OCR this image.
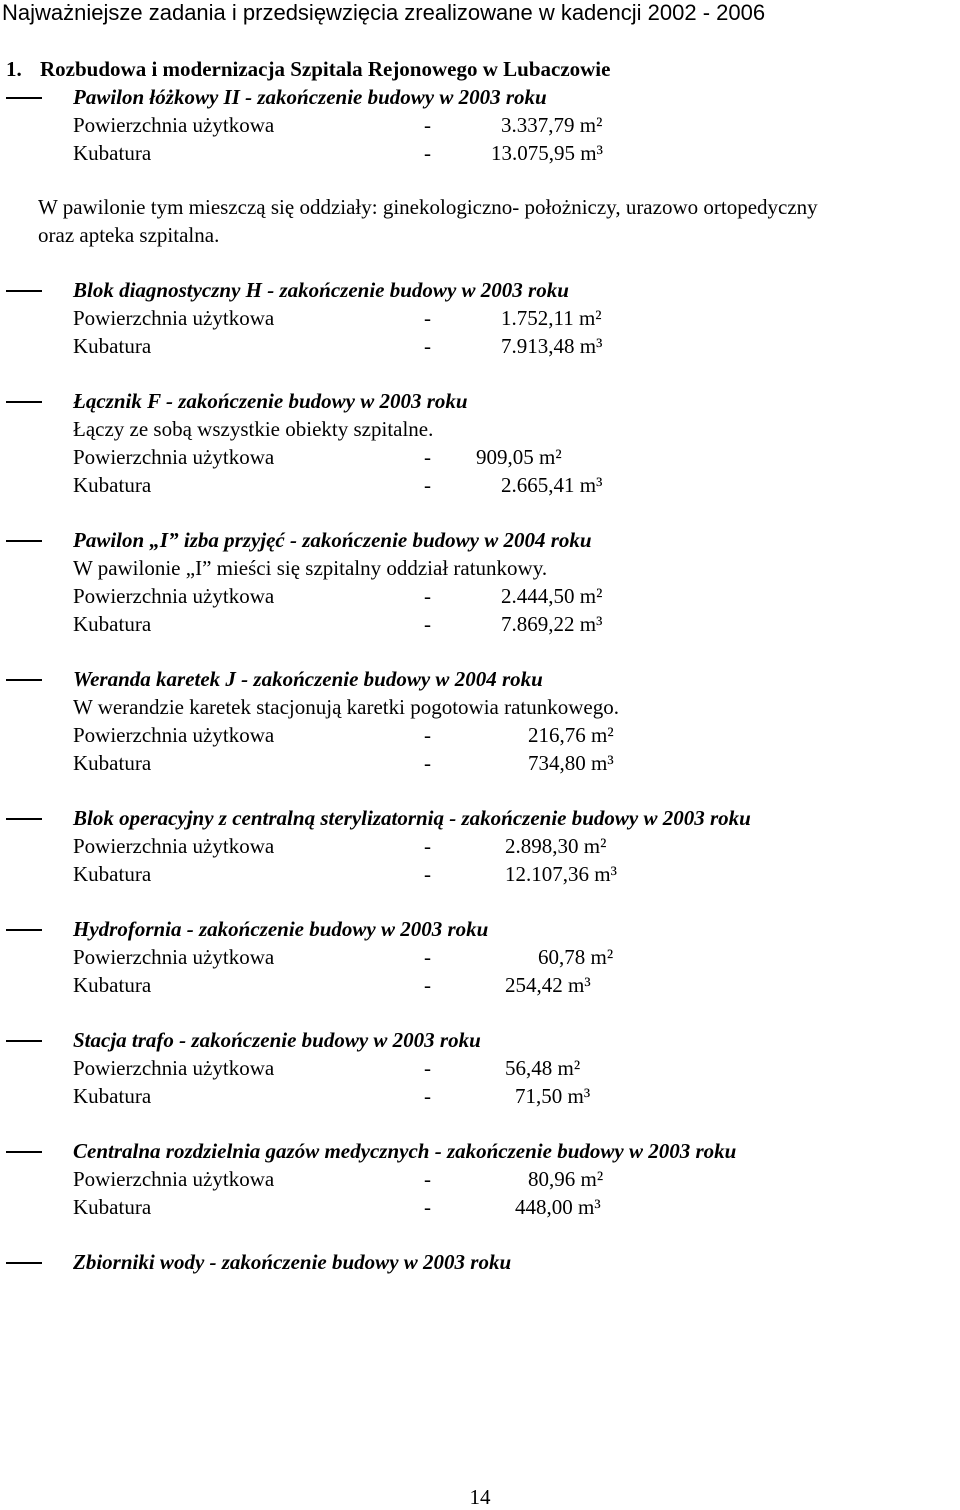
Najważniejsze zadania i przedsięwzięcia zrealizowane w kadencji 2002 - 2006
1. Rozbudowa i modernizacja Szpitala Rejonowego w Lubaczowie
Pawilon łóżkowy II - zakończenie budowy w 2003 roku
Powierzchnia użytkowa	-	3.337,79 m²
Kubatura	-	13.075,95 m³
W pawilonie tym mieszczą się oddziały: ginekologiczno- położniczy, urazowo ortopedyczny
oraz apteka szpitalna.
Blok diagnostyczny H - zakończenie budowy w 2003 roku
Powierzchnia użytkowa	-	1.752,11 m²
Kubatura	-	7.913,48 m³
Łącznik F - zakończenie budowy w 2003 roku
Łączy ze sobą wszystkie obiekty szpitalne.
Powierzchnia użytkowa	- 909,05 m²
Kubatura	-	2.665,41 m³
Pawilon „I” izba przyjęć - zakończenie budowy w 2004 roku
W pawilonie „I” mieści się szpitalny oddział ratunkowy.
Powierzchnia użytkowa	-	2.444,50 m²
Kubatura	-	7.869,22 m³
Weranda karetek J - zakończenie budowy w 2004 roku
W werandzie karetek stacjonują karetki pogotowia ratunkowego.
Powierzchnia użytkowa	-	216,76 m²
Kubatura	-	734,80 m³
Blok operacyjny z centralną sterylizatornią - zakończenie budowy w 2003 roku
Powierzchnia użytkowa	-	2.898,30 m²
Kubatura	-	12.107,36 m³
Hydrofornia - zakończenie budowy w 2003 roku
Powierzchnia użytkowa	-	60,78 m²
Kubatura	-	254,42 m³
Stacja trafo - zakończenie budowy w 2003 roku
Powierzchnia użytkowa	-	56,48 m²
Kubatura	-	71,50 m³
Centralna rozdzielnia gazów medycznych - zakończenie budowy w 2003 roku
Powierzchnia użytkowa	-	80,96 m²
Kubatura	-	448,00 m³
Zbiorniki wody - zakończenie budowy w 2003 roku
14
